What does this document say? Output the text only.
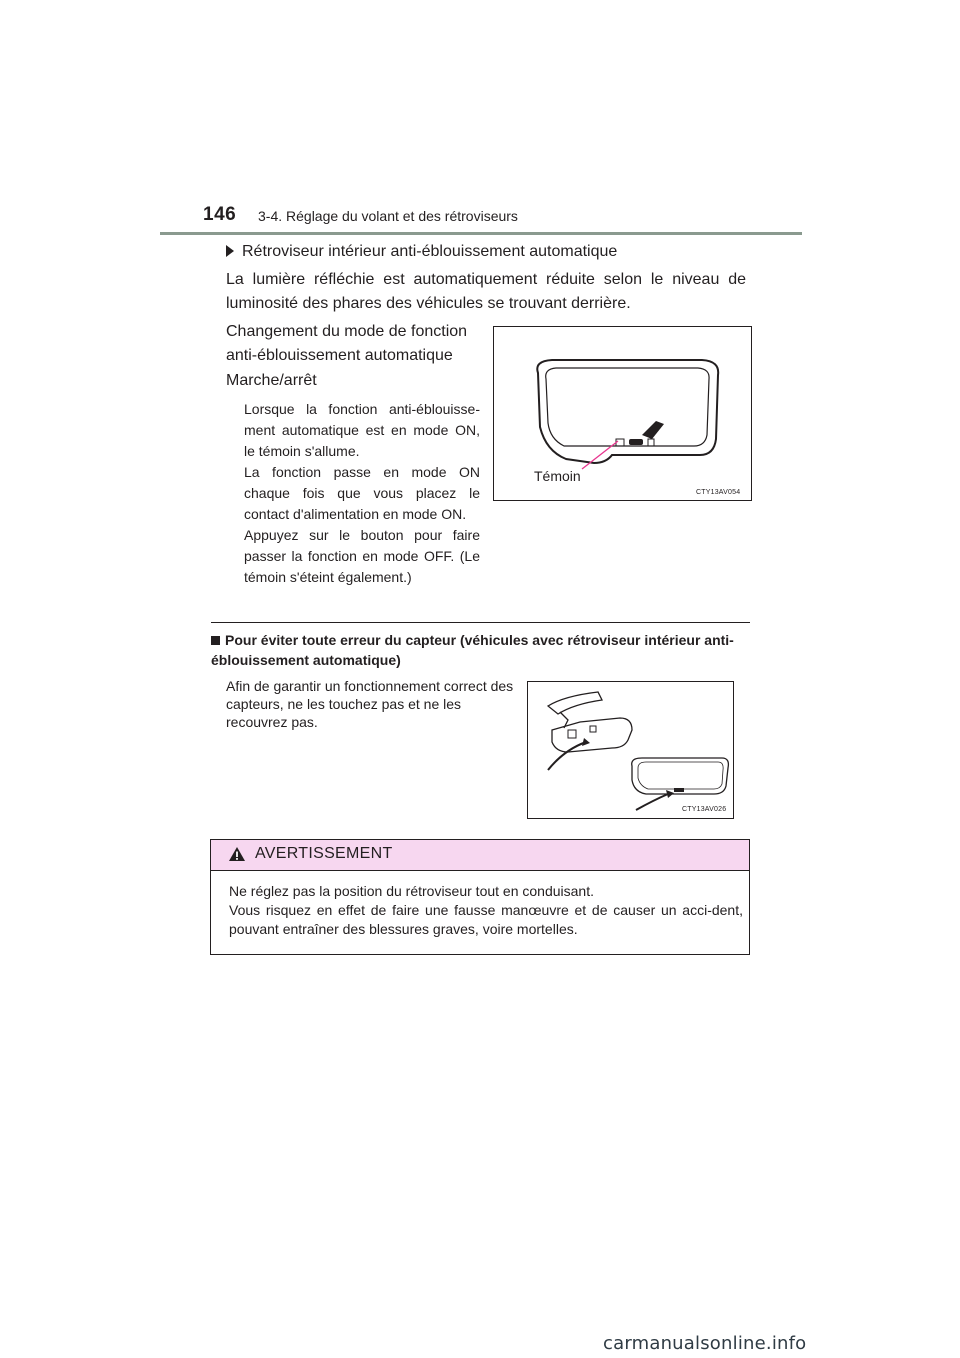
146 3-4. Réglage du volant et des rétroviseurs
Rétroviseur intérieur anti-éblouissement automatique
La lumière réfléchie est automatiquement réduite selon le niveau de luminosité des phares des véhicules se trouvant derrière.
Changement du mode de fonction anti-éblouissement automatique
Marche/arrêt

Lorsque la fonction anti-éblouisse-ment automatique est en mode ON, le témoin s'allume.

La fonction passe en mode ON chaque fois que vous placez le contact d'alimentation en mode ON.

Appuyez sur le bouton pour faire passer la fonction en mode OFF. (Le témoin s'éteint également.)

Témoin
CTY13AV054
Pour éviter toute erreur du capteur (véhicules avec rétroviseur intérieur anti-éblouissement automatique)
Afin de garantir un fonctionnement correct des capteurs, ne les touchez pas et ne les recouvrez pas.
CTY13AV026
AVERTISSEMENT

Ne réglez pas la position du rétroviseur tout en conduisant.

Vous risquez en effet de faire une fausse manœuvre et de causer un acci-dent, pouvant entraîner des blessures graves, voire mortelles.

carmanualsonline.info
